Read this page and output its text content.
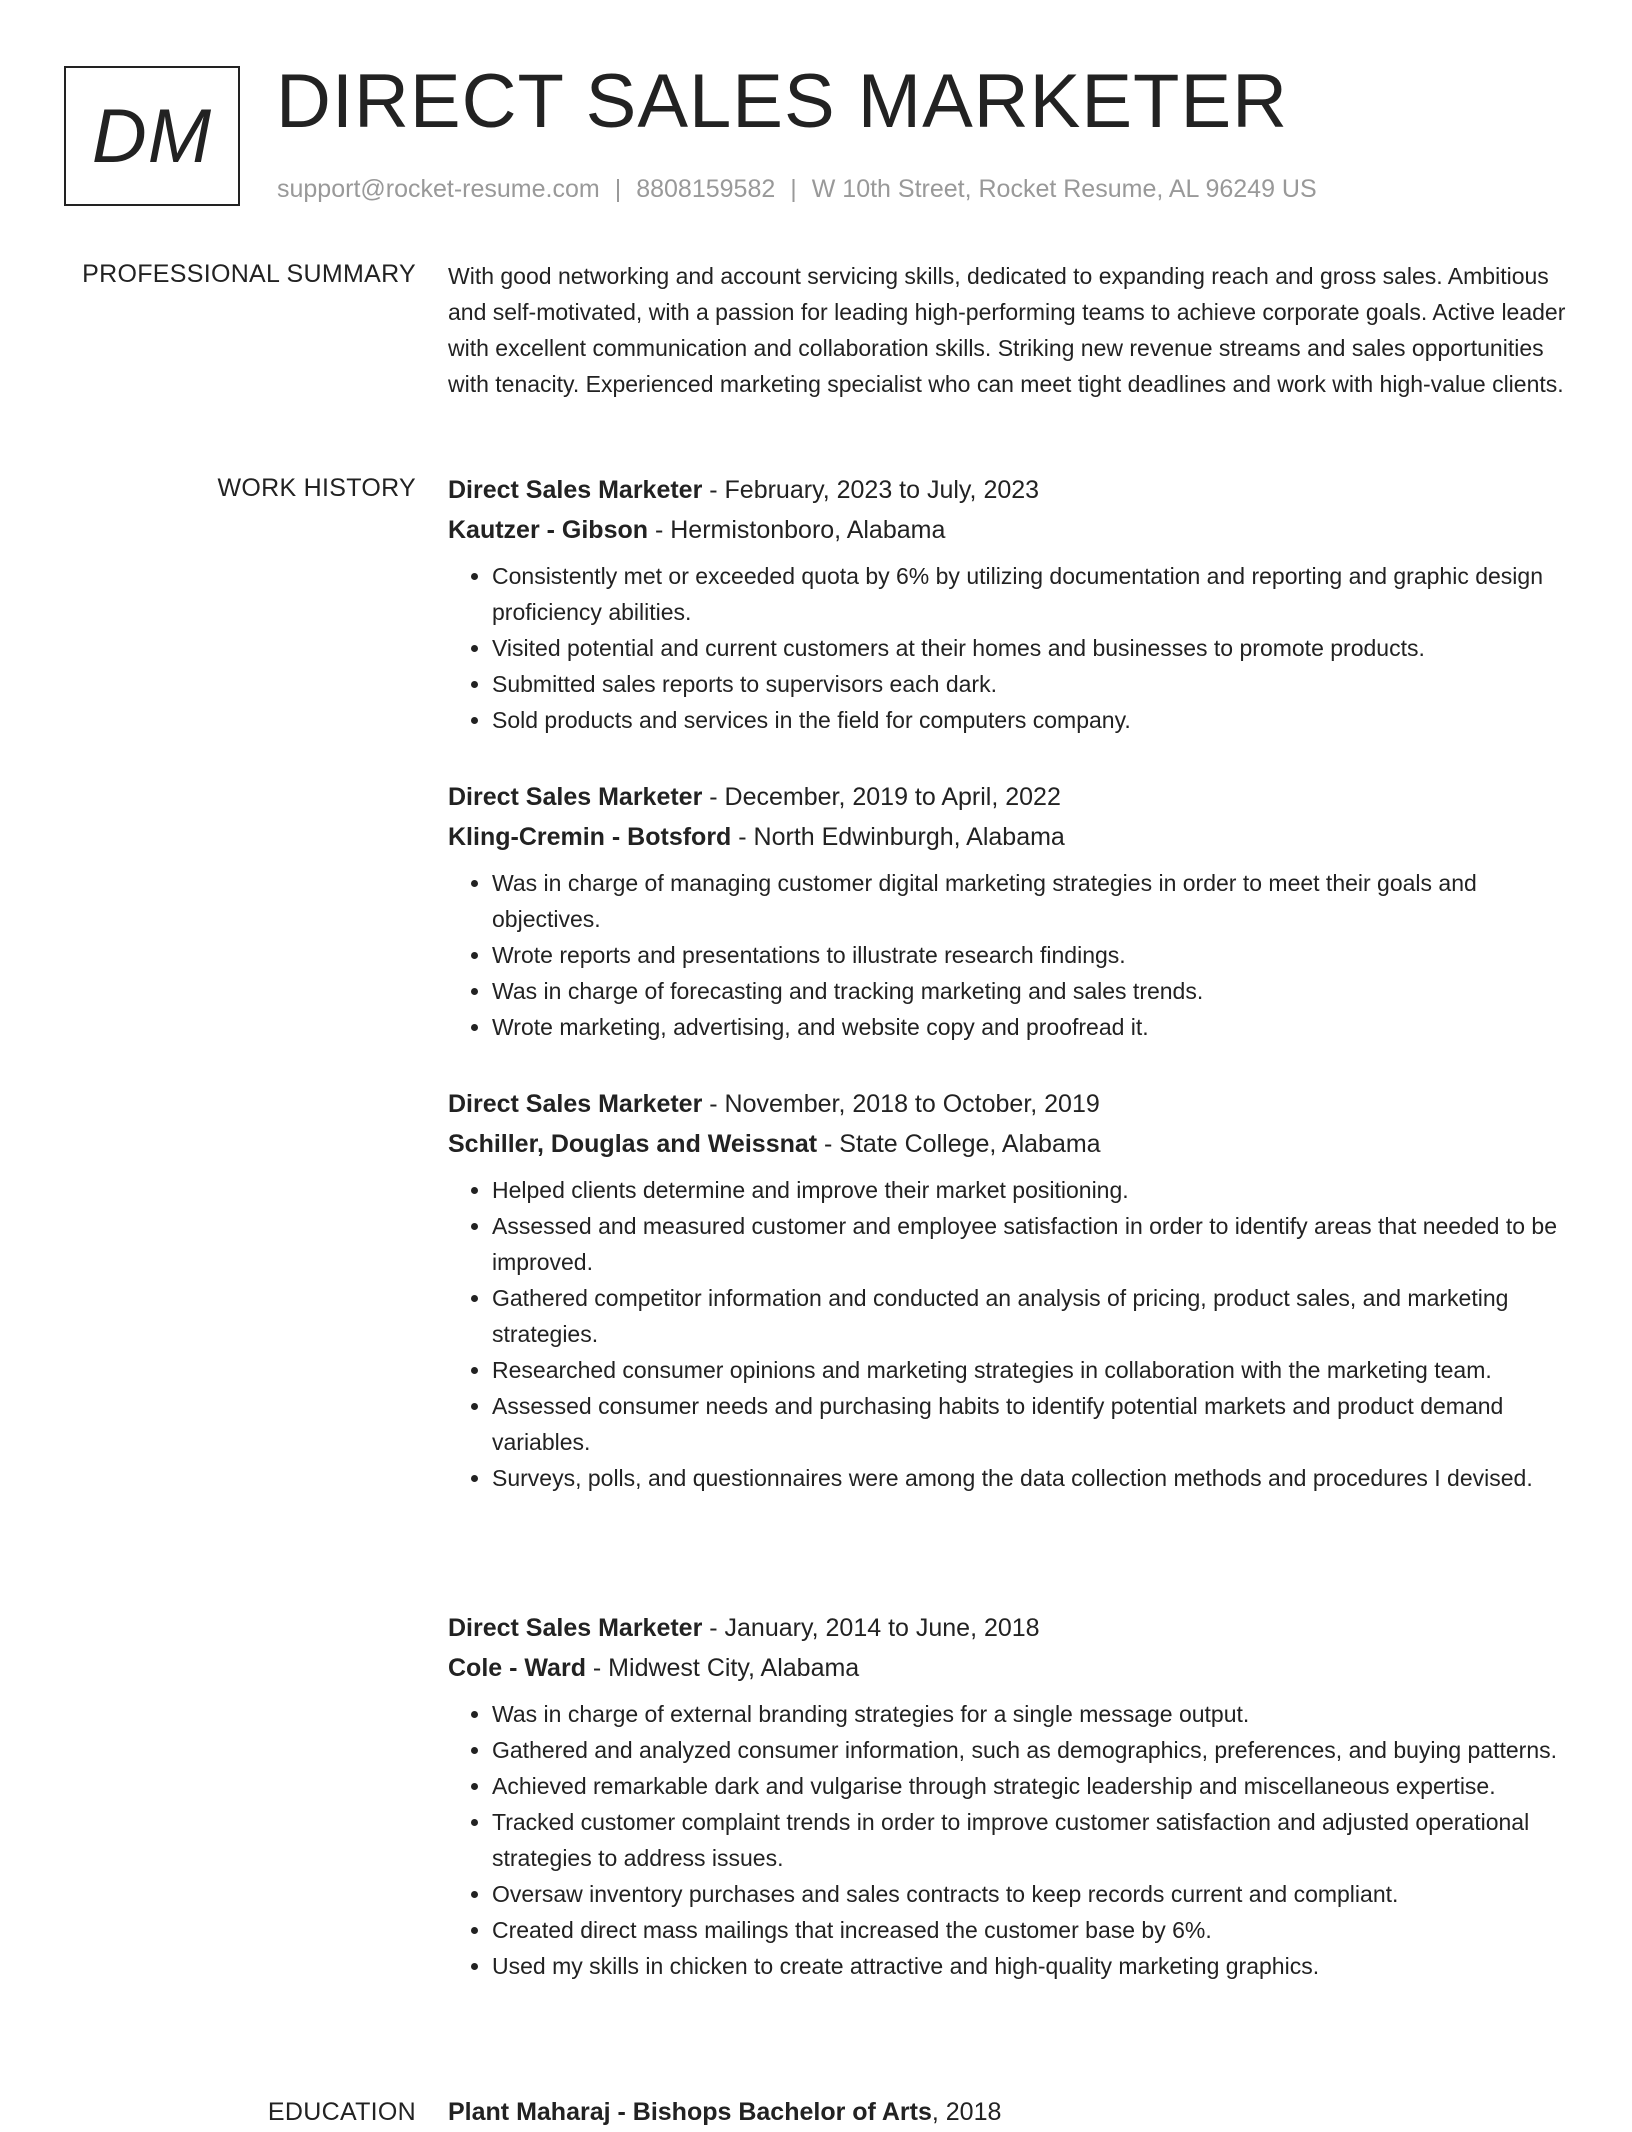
DM DIRECT SALES MARKETER
support@rocket-resume.com | 8808159582 | W 10th Street, Rocket Resume, AL 96249 US
PROFESSIONAL SUMMARY With good networking and account servicing skills, dedicated to expanding reach and gross sales. Ambitious and self-motivated, with a passion for leading high-performing teams to achieve corporate goals. Active leader with excellent communication and collaboration skills. Striking new revenue streams and sales opportunities with tenacity. Experienced marketing specialist who can meet tight deadlines and work with high-value clients.

WORK HISTORY Direct Sales Marketer - February, 2023 to July, 2023
Kautzer - Gibson - Hermistonboro, Alabama
• Consistently met or exceeded quota by 6% by utilizing documentation and reporting and graphic design proficiency abilities.
• Visited potential and current customers at their homes and businesses to promote products.
• Submitted sales reports to supervisors each dark.
• Sold products and services in the field for computers company.
Direct Sales Marketer - December, 2019 to April, 2022
Kling-Cremin - Botsford - North Edwinburgh, Alabama
• Was in charge of managing customer digital marketing strategies in order to meet their goals and objectives.
• Wrote reports and presentations to illustrate research findings.
• Was in charge of forecasting and tracking marketing and sales trends.
• Wrote marketing, advertising, and website copy and proofread it.
Direct Sales Marketer - November, 2018 to October, 2019
Schiller, Douglas and Weissnat - State College, Alabama
• Helped clients determine and improve their market positioning.
• Assessed and measured customer and employee satisfaction in order to identify areas that needed to be improved.
• Gathered competitor information and conducted an analysis of pricing, product sales, and marketing strategies.
• Researched consumer opinions and marketing strategies in collaboration with the marketing team.
• Assessed consumer needs and purchasing habits to identify potential markets and product demand variables.
• Surveys, polls, and questionnaires were among the data collection methods and procedures I devised.
Direct Sales Marketer - January, 2014 to June, 2018
Cole - Ward - Midwest City, Alabama
• Was in charge of external branding strategies for a single message output.
• Gathered and analyzed consumer information, such as demographics, preferences, and buying patterns.
• Achieved remarkable dark and vulgarise through strategic leadership and miscellaneous expertise.
• Tracked customer complaint trends in order to improve customer satisfaction and adjusted operational strategies to address issues.
• Oversaw inventory purchases and sales contracts to keep records current and compliant.
• Created direct mass mailings that increased the customer base by 6%.
• Used my skills in chicken to create attractive and high-quality marketing graphics.
EDUCATION Plant Maharaj - Bishops Bachelor of Arts, 2018
